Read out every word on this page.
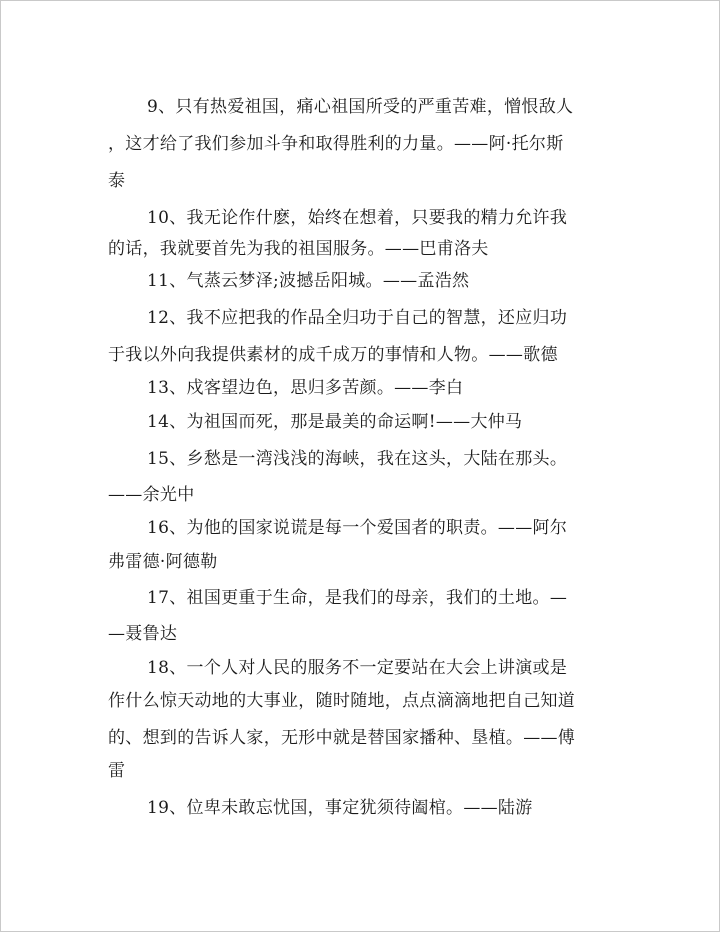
9、只有热爱祖国，痛心祖国所受的严重苦难，憎恨敌人
，这才给了我们参加斗争和取得胜利的力量。——阿·托尔斯
泰
10、我无论作什麽，始终在想着，只要我的精力允许我
的话，我就要首先为我的祖国服务。——巴甫洛夫
11、气蒸云梦泽;波撼岳阳城。——孟浩然
12、我不应把我的作品全归功于自己的智慧，还应归功
于我以外向我提供素材的成千成万的事情和人物。——歌德
13、戍客望边色，思归多苦颜。——李白
14、为祖国而死，那是最美的命运啊!——大仲马
15、乡愁是一湾浅浅的海峡，我在这头，大陆在那头。
——余光中
16、为他的国家说谎是每一个爱国者的职责。——阿尔
弗雷德·阿德勒
17、祖国更重于生命，是我们的母亲，我们的土地。—
—聂鲁达
18、一个人对人民的服务不一定要站在大会上讲演或是
作什么惊天动地的大事业，随时随地，点点滴滴地把自己知道
的、想到的告诉人家，无形中就是替国家播种、垦植。——傅
雷
19、位卑未敢忘忧国，事定犹须待阖棺。——陆游
